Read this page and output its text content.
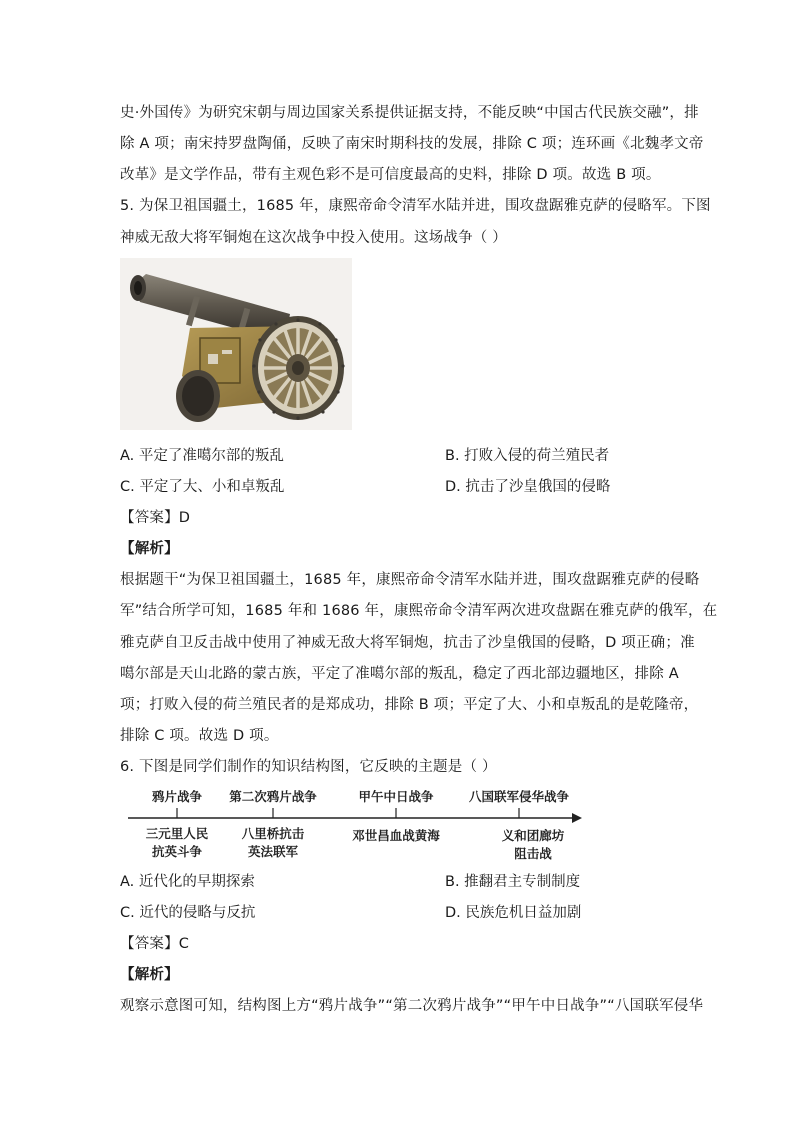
史·外国传》为研究宋朝与周边国家关系提供证据支持，不能反映“中国古代民族交融”，排
除 A 项；南宋持罗盘陶俑，反映了南宋时期科技的发展，排除 C 项；连环画《北魏孝文帝
改革》是文学作品，带有主观色彩不是可信度最高的史料，排除 D 项。故选 B 项。
5. 为保卫祖国疆土，1685 年，康熙帝命令清军水陆并进，围攻盘踞雅克萨的侵略军。下图
神威无敌大将军铜炮在这次战争中投入使用。这场战争（ ）
A. 平定了准噶尔部的叛乱	B. 打败入侵的荷兰殖民者
C. 平定了大、小和卓叛乱	D. 抗击了沙皇俄国的侵略
【答案】D
【解析】
根据题干“为保卫祖国疆土，1685 年，康熙帝命令清军水陆并进，围攻盘踞雅克萨的侵略
军”结合所学可知，1685 年和 1686 年，康熙帝命令清军两次进攻盘踞在雅克萨的俄军，在
雅克萨自卫反击战中使用了神威无敌大将军铜炮，抗击了沙皇俄国的侵略，D 项正确；准
噶尔部是天山北路的蒙古族，平定了准噶尔部的叛乱，稳定了西北部边疆地区，排除 A
项；打败入侵的荷兰殖民者的是郑成功，排除 B 项；平定了大、小和卓叛乱的是乾隆帝，
排除 C 项。故选 D 项。
6. 下图是同学们制作的知识结构图，它反映的主题是（ ）
鸦片战争 第二次鸦片战争	甲午中日战争	八国联军侵华战争
三元里人民
抗英斗争
八里桥抗击
英法联军
邓世昌血战黄海	义和团廊坊
阻击战
A. 近代化的早期探索	B. 推翻君主专制制度
C. 近代的侵略与反抗	D. 民族危机日益加剧
【答案】C
【解析】
观察示意图可知，结构图上方“鸦片战争”“第二次鸦片战争”“甲午中日战争”“八国联军侵华
